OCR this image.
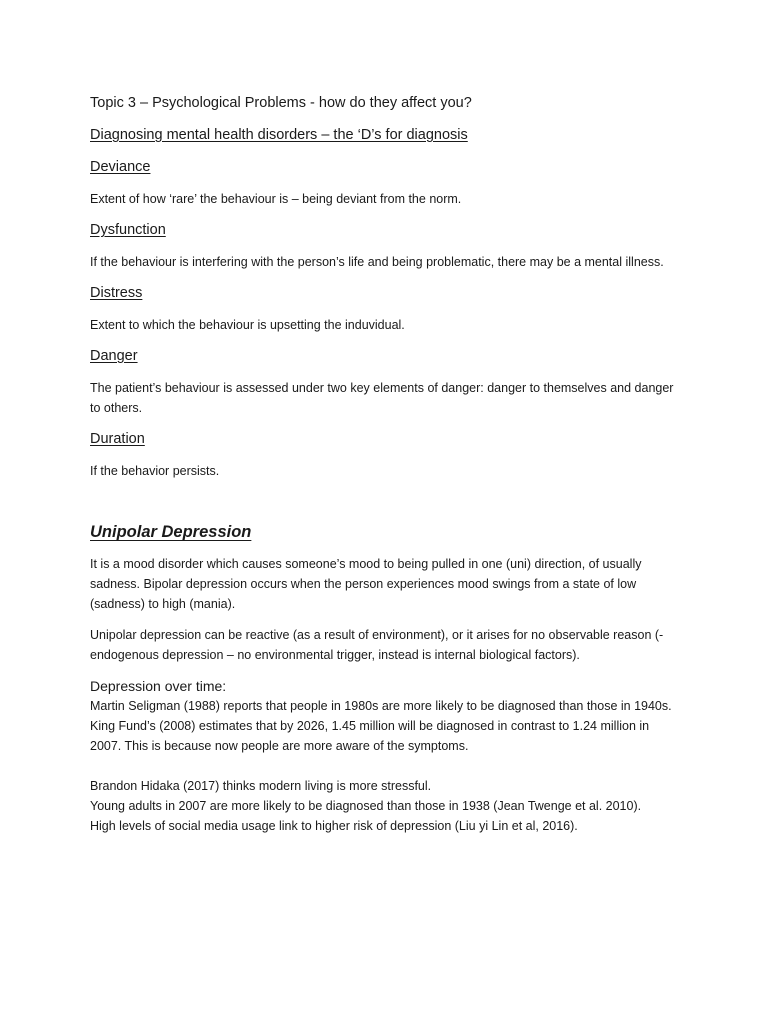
Topic 3 – Psychological Problems - how do they affect you?
Diagnosing mental health disorders – the ‘D’s for diagnosis
Deviance

Extent of how ‘rare’ the behaviour is – being deviant from the norm.

Dysfunction

If the behaviour is interfering with the person’s life and being problematic, there may be a mental illness.

Distress

Extent to which the behaviour is upsetting the induvidual.

Danger

The patient’s behaviour is assessed under two key elements of danger: danger to themselves and danger to others.

Duration

If the behavior persists.

Unipolar Depression

It is a mood disorder which causes someone’s mood to being pulled in one (uni) direction, of usually sadness. Bipolar depression occurs when the person experiences mood swings from a state of low (sadness) to high (mania).

Unipolar depression can be reactive (as a result of environment), or it arises for no observable reason (-endogenous depression – no environmental trigger, instead is internal biological factors).

Depression over time:

Martin Seligman (1988) reports that people in 1980s are more likely to be diagnosed than those in 1940s.

King Fund’s (2008) estimates that by 2026, 1.45 million will be diagnosed in contrast to 1.24 million in 2007. This is because now people are more aware of the symptoms.

Brandon Hidaka (2017) thinks modern living is more stressful.

Young adults in 2007 are more likely to be diagnosed than those in 1938 (Jean Twenge et al. 2010).

High levels of social media usage link to higher risk of depression (Liu yi Lin et al, 2016).
